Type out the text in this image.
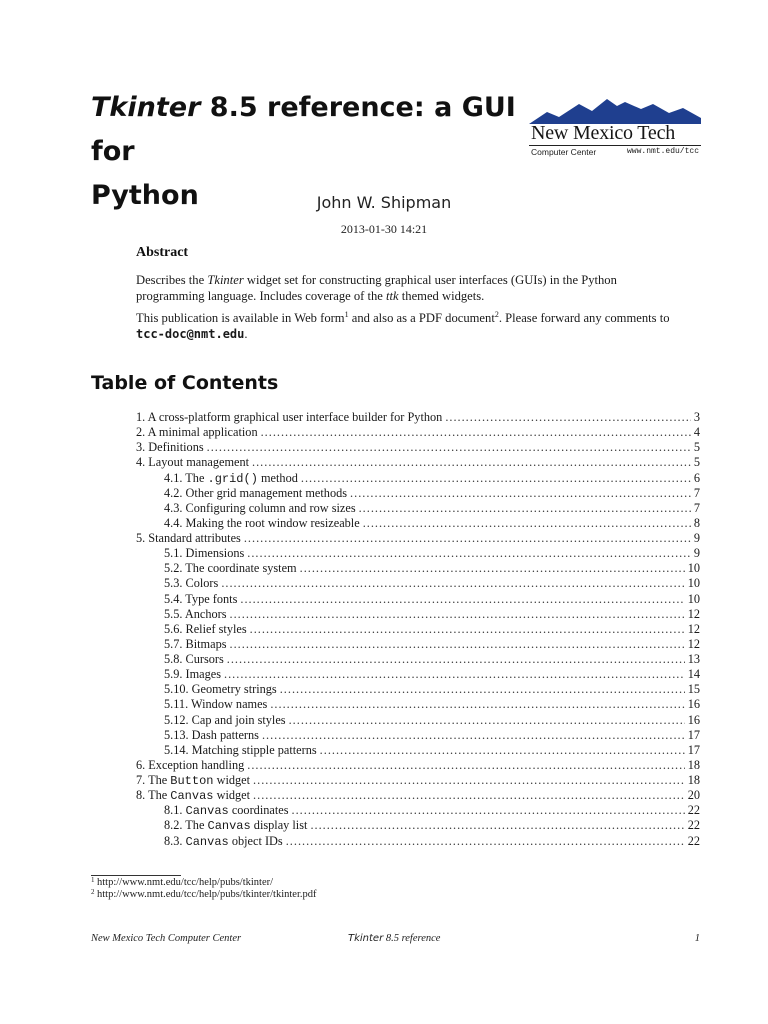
Tkinter 8.5 reference: a GUI for
Python
New Mexico Tech
Computer Center	www.nmt.edu/tcc
John W. Shipman
2013-01-30 14:21
Abstract

Describes the Tkinter widget set for constructing graphical user interfaces (GUIs) in the Python programming language. Includes coverage of the ttk themed widgets.

This publication is available in Web form$^1$ and also as a PDF document$^2$. Please forward any comments to tcc-doc@nmt.edu.

Table of Contents
1. A cross-platform graphical user interface builder for Python .....	3
2. A minimal application .....	4
3. Definitions .....	5
4. Layout management .....	5
4.1. The .grid() method .....	6
4.2. Other grid management methods .....	7
4.3. Configuring column and row sizes .....	7
4.4. Making the root window resizeable .....	8
5. Standard attributes .....	9
5.1. Dimensions .....	9
5.2. The coordinate system .....	10
5.3. Colors .....	10
5.4. Type fonts .....	10
5.5. Anchors .....	12
5.6. Relief styles .....	12
5.7. Bitmaps .....	12
5.8. Cursors .....	13
5.9. Images .....	14
5.10. Geometry strings .....	15
5.11. Window names .....	16
5.12. Cap and join styles .....	16
5.13. Dash patterns .....	17
5.14. Matching stipple patterns .....	17
6. Exception handling .....	18
7. The Button widget .....	18
8. The Canvas widget .....	20
8.1. Canvas coordinates .....	22
8.2. The Canvas display list .....	22
8.3. Canvas object IDs .....	22
1 http://www.nmt.edu/tcc/help/pubs/tkinter/
2 http://www.nmt.edu/tcc/help/pubs/tkinter/tkinter.pdf
New Mexico Tech Computer Center	Tkinter 8.5 reference	1
